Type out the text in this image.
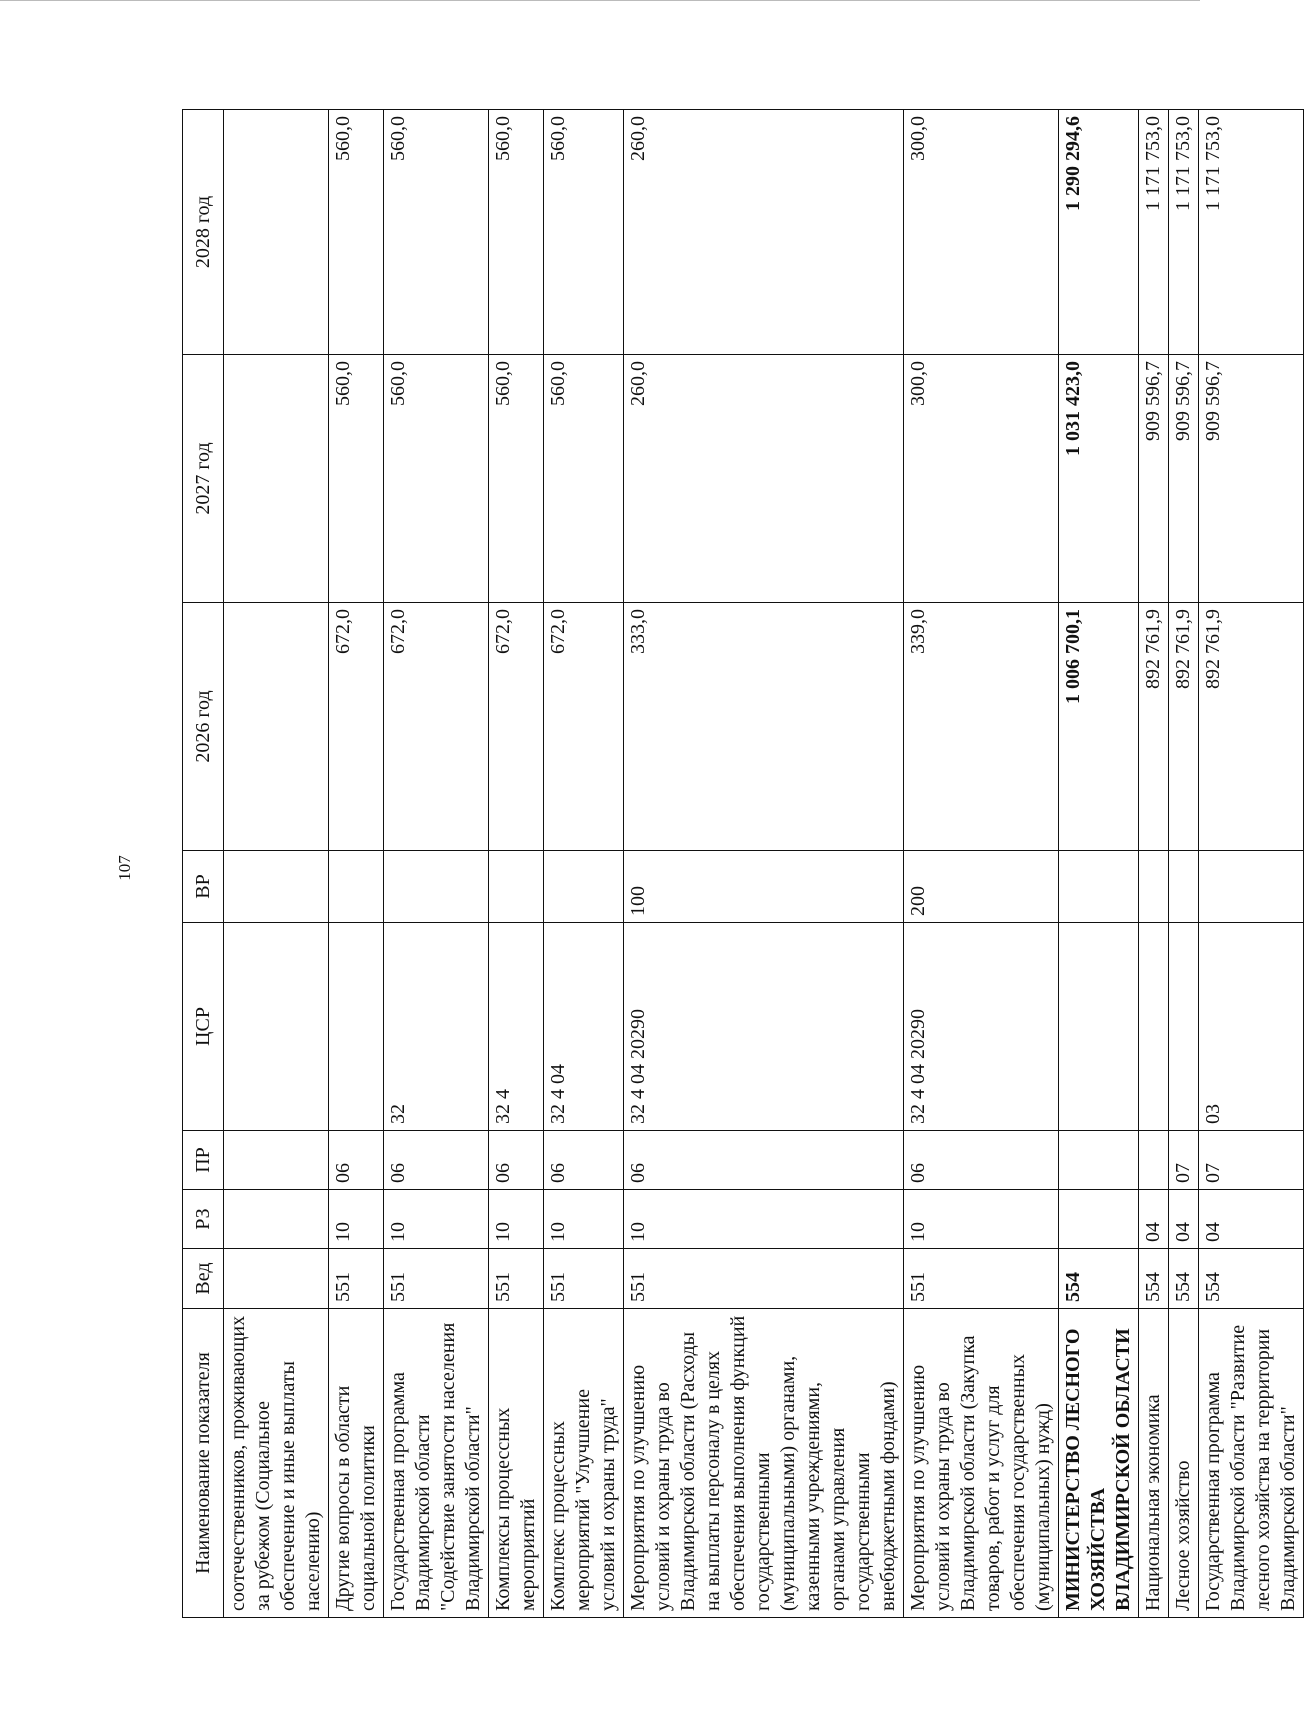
107
Наименование показателя	Вед	РЗ	ПР	ЦСР	ВР	2026 год	2027 год	2028 год
соотечественников, проживающих за рубежом (Социальное обеспечение и иные выплаты населению)								
Другие вопросы в области социальной политики	551	10	06			672,0	560,0	560,0
Государственная программа Владимирской области "Содействие занятости населения Владимирской области"	551	10	06	32		672,0	560,0	560,0
Комплексы процессных мероприятий	551	10	06	32 4		672,0	560,0	560,0
Комплекс процессных мероприятий "Улучшение условий и охраны труда"	551	10	06	32 4 04		672,0	560,0	560,0
Мероприятия по улучшению условий и охраны труда во Владимирской области (Расходы на выплаты персоналу в целях обеспечения выполнения функций государственными (муниципальными) органами, казенными учреждениями, органами управления государственными внебюджетными фондами)	551	10	06	32 4 04 20290	100	333,0	260,0	260,0
Мероприятия по улучшению условий и охраны труда во Владимирской области (Закупка товаров, работ и услуг для обеспечения государственных (муниципальных) нужд)	551	10	06	32 4 04 20290	200	339,0	300,0	300,0
МИНИСТЕРСТВО ЛЕСНОГО ХОЗЯЙСТВА ВЛАДИМИРСКОЙ ОБЛАСТИ	554					1 006 700,1	1 031 423,0	1 290 294,6
Национальная экономика	554	04				892 761,9	909 596,7	1 171 753,0
Лесное хозяйство	554	04	07			892 761,9	909 596,7	1 171 753,0
Государственная программа Владимирской области "Развитие лесного хозяйства на территории Владимирской области"	554	04	07	03		892 761,9	909 596,7	1 171 753,0
